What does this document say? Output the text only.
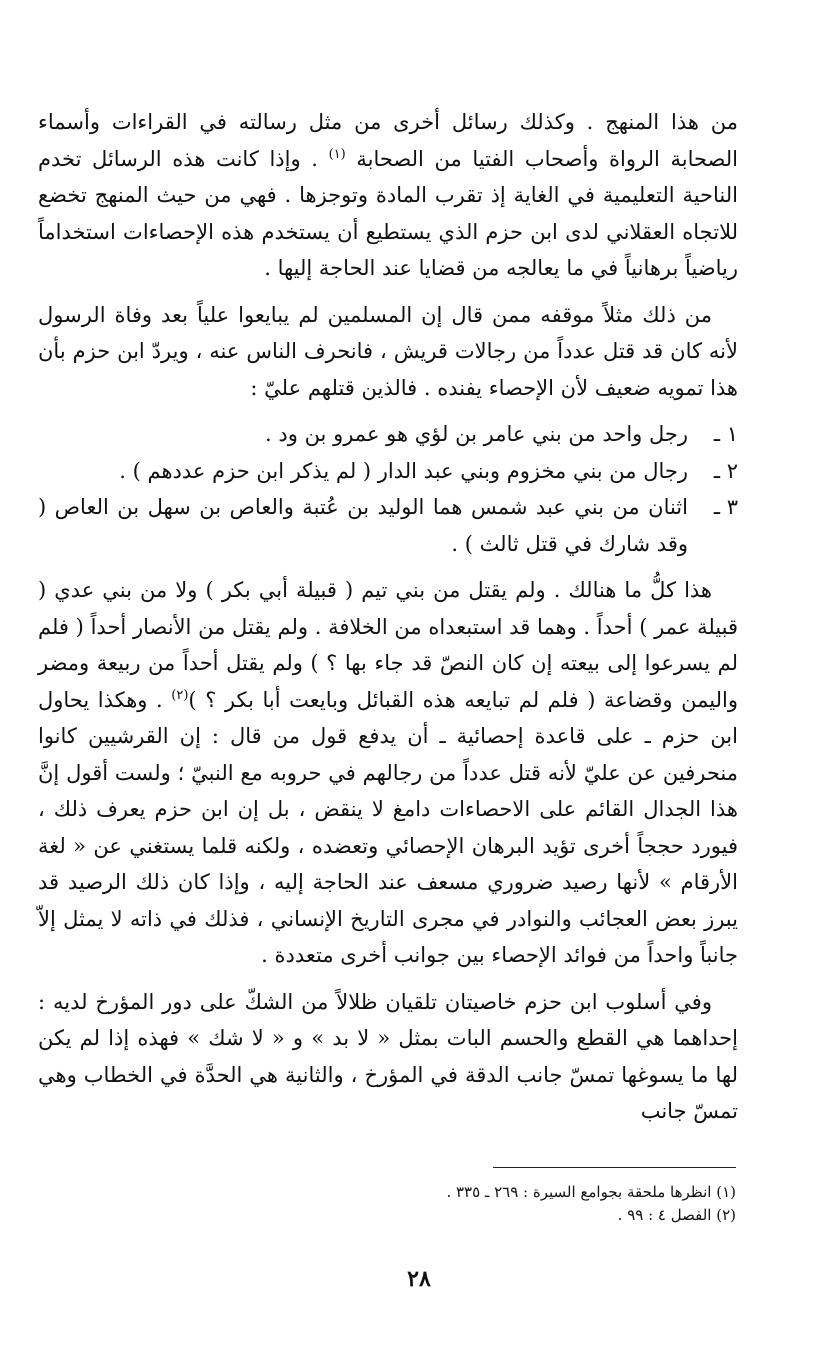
من هذا المنهج . وكذلك رسائل أخرى من مثل رسالته في القراءات وأسماء الصحابة الرواة وأصحاب الفتيا من الصحابة $^{(١)}$ . وإذا كانت هذه الرسائل تخدم الناحية التعليمية في الغاية إذ تقرب المادة وتوجزها . فهي من حيث المنهج تخضع للاتجاه العقلاني لدى ابن حزم الذي يستطيع أن يستخدم هذه الإحصاءات استخداماً رياضياً برهانياً في ما يعالجه من قضايا عند الحاجة إليها .

من ذلك مثلاً موقفه ممن قال إن المسلمين لم يبايعوا علياً بعد وفاة الرسول لأنه كان قد قتل عدداً من رجالات قريش ، فانحرف الناس عنه ، ويردّ ابن حزم بأن هذا تمويه ضعيف لأن الإحصاء يفنده . فالذين قتلهم عليّ :

١ ـ
رجل واحد من بني عامر بن لؤي هو عمرو بن ود .
٢ ـ
رجال من بني مخزوم وبني عبد الدار ( لم يذكر ابن حزم عددهم ) .
٣ ـ
اثنان من بني عبد شمس هما الوليد بن عُتبة والعاص بن سهل بن العاص ( وقد شارك في قتل ثالث ) .

هذا كلُّ ما هنالك . ولم يقتل من بني تيم ( قبيلة أبي بكر ) ولا من بني عدي ( قبيلة عمر ) أحداً . وهما قد استبعداه من الخلافة . ولم يقتل من الأنصار أحداً ( فلم لم يسرعوا إلى بيعته إن كان النصّ قد جاء بها ؟ ) ولم يقتل أحداً من ربيعة ومضر واليمن وقضاعة ( فلم لم تبايعه هذه القبائل وبايعت أبا بكر ؟ )$^{(٢)}$ . وهكذا يحاول ابن حزم ـ على قاعدة إحصائية ـ أن يدفع قول من قال : إن القرشيين كانوا منحرفين عن عليّ لأنه قتل عدداً من رجالهم في حروبه مع النبيّ ؛ ولست أقول إنَّ هذا الجدال القائم على الاحصاءات دامغ لا ينقض ، بل إن ابن حزم يعرف ذلك ، فيورد حججاً أخرى تؤيد البرهان الإحصائي وتعضده ، ولكنه قلما يستغني عن « لغة الأرقام » لأنها رصيد ضروري مسعف عند الحاجة إليه ، وإذا كان ذلك الرصيد قد يبرز بعض العجائب والنوادر في مجرى التاريخ الإنساني ، فذلك في ذاته لا يمثل إلاّ جانباً واحداً من فوائد الإحصاء بين جوانب أخرى متعددة .

وفي أسلوب ابن حزم خاصيتان تلقيان ظلالاً من الشكّ على دور المؤرخ لديه : إحداهما هي القطع والحسم البات بمثل « لا بد » و « لا شك » فهذه إذا لم يكن لها ما يسوغها تمسّ جانب الدقة في المؤرخ ، والثانية هي الحدَّة في الخطاب وهي تمسّ جانب

(١) انظرها ملحقة بجوامع السيرة : ٢٦٩ ـ ٣٣٥ .

(٢) الفصل ٤ : ٩٩ .

٢٨
